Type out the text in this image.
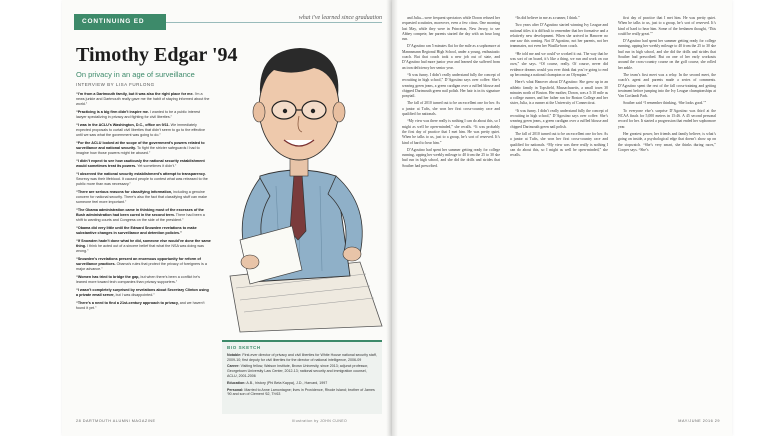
CONTINUING ED	what i've learned since graduation
Timothy Edgar '94
On privacy in an age of surveillance
INTERVIEW BY LISA FURLONG

“I’m from a Dartmouth family, but it was also the right place for me. I’m a news junkie and Dartmouth really gave me the habit of staying informed about the world.”

“Practicing is a big firm didn’t inspire me. I wanted to be a public interest lawyer specializing in privacy and fighting for civil liberties.”

“I was in the ACLU’s Washington, D.C., office on 9/11. We immediately expected proposals to curtail civil liberties that didn’t seem to go to the effective until we saw what the government was going to do.”

“For the ACLU looked at the scope of the government’s powers related to surveillance and national security. To fight the stricter safeguards I had to imagine how those powers might be abused.”

“I didn’t expect to see how cautiously the national security establishment would sometimes treat its powers. Yet sometimes it didn’t.”

“I observed the national security establishment’s attempt to transparency. Secrecy was their lifeblood. It caused people to contest what was released to the public more than was necessary.”

“There are serious reasons for classifying information, including a genuine concern for national security. There’s also the fact that classifying stuff can make someone feel more important.”

“The Obama administration came in thinking most of the excesses of the Bush administration had been cured in the second term. There had been a shift to wanting courts and Congress on the side of the president.”

“Obama did very little until the Edward Snowden revelations to make substantive changes in surveillance and detention policies.”

“If Snowden hadn’t done what he did, someone else would’ve done the same thing. I think he acted out of a sincere belief that what the NSA was doing was wrong.”

“Snowden’s revelations present an enormous opportunity for reform of surveillance practices. Obama’s rules that protect the privacy of foreigners is a major advance.”

“Women has tried to bridge the gap, but when there’s been a conflict he’s leaned more toward tech companies than privacy supporters.”

“I wasn’t completely surprised by revelations about Secretary Clinton using a private email server, but I was disappointed.”

“There’s a need to find a 21st-century approach to privacy, and we haven’t found it yet.”

BIO SKETCH

Notable: First-ever director of privacy and civil liberties for White House national security staff, 2009-10; first deputy for civil liberties for the director of national intelligence, 2006-09

Career: Visiting fellow, Watson Institute, Brown University, since 2013; adjunct professor, Georgetown University Law Center, 2012-13; national security and immigration counsel, ACLU, 2001-2006

Education: A.B., history (Phi Beta Kappa), J.D., Harvard, 1997

Personal: Married to Anne Lamontagne; lives in Providence, Rhode Island; brother of James '90 and son of Clement '62, Th'63

28 DARTMOUTH ALUMNI MAGAZINE	Illustration by JOHN CUNEO

and Julia—were frequent spectators while Doron refused her requested scrutinies, moreover, even a few citrus. One morning last May, while they were in Princeton, New Jersey, to see Abbey compete, her parents started the day with an hour long run.

D’Agostino ran 5 minutes flat for the mile as a sophomore at Mannsmann Regional High School, under a young, enthusiastic coach. But that coach took a new job out of state, and D’Agostino had more junior year and learned she suffered from an iron deficiency her senior year.

“It was funny. I didn’t really understand fully the concept of recruiting in high school,” D’Agostino says over coffee. She’s wearing green jeans, a green cardigan over a ruffled blouse and chipped Dartmouth green nail polish. Her hair is in its signature ponytail.

The fall of 2010 turned out to be an excellent one for her. As a junior at Tufts, she won her first cross-country race and qualified for nationals.

“My view was there really is nothing I can do about this, so I might as well be open-minded,” she recalls. “It was probably the first day of practice that I met him. He was pretty quiet. When he talks to us, just to a group, he’s sort of reserved. It’s kind of hard to hear him.”

D’Agostino had spent her summer getting ready for college running, upping her weekly mileage to 40 from the 25 to 30 she had run in high school, and she did the drills and strides that Souther had prescribed.

“Its did believe in me as a runner, I think.”

Two years after D’Agostino started winning Ivy League and national titles it is difficult to remember that her formative and a relatively new development. When she arrived in Hanover no one saw this coming. Not D’Agostino, not her parents, not her teammates, not even her Wasilla-born coach.

“He told me and we could’ve worked it out. The way that he was sort of on board, it’s like a thing, we run and work on our own,” she says. “Of course, really. Of course, never did evidence dreams would you ever think that you’re going to end up becoming a national champion or an Olympian.”

Here’s what Hanover about D’Agostino: She grew up in an athletic family in Topsfield, Massachusetts, a small town 30 minutes north of Boston. Her mother, Doron, was a 5:10 mile as a college runner, and her father ran for Boston College and her sister, Julia, is a runner at the University of Connecticut.

“It was funny. I didn’t really understand fully the concept of recruiting in high school,” D’Agostino says over coffee. She’s wearing green jeans, a green cardigan over a ruffled blouse and chipped Dartmouth green nail polish.

The fall of 2010 turned out to be an excellent one for her. As a junior at Tufts, she won her first cross-country race and qualified for nationals. “My view was there really is nothing I can do about this, so I might as well be open-minded,” she recalls.

first day of practice that I met him. He was pretty quiet. When he talks to us, just to a group, he’s sort of reserved. It’s kind of hard to hear him. Some of the freshmen thought, ‘This could be really great.’”

D’Agostino had spent her summer getting ready for college running, upping her weekly mileage to 40 from the 25 to 30 she had run in high school, and she did the drills and strides that Souther had prescribed. But on one of her early workouts around the cross-country course on the golf course, she rolled her ankle.

The team’s first meet was a relay. In the second meet, the coach’s agent and parents made a series of comments. D’Agostino spent the rest of the fall cross-training and getting treatment before jumping into the Ivy League championships at Van Cortlandt Park.

Souther said “I remember thinking, ‘She looks good.’”

To everyone else’s surprise D’Agostino was third at the NCAA finals for 5,000 meters in 15:46. A 45 second personal record for her. It started a progression that ended her sophomore year.

Her greatest power, her friends and family believe, is what’s going on inside, a psychological edge that doesn’t show up on the stopwatch. “She’s very smart, she thinks during races,” Cooper says. “She’s

MAY/JUNE 2016 29
